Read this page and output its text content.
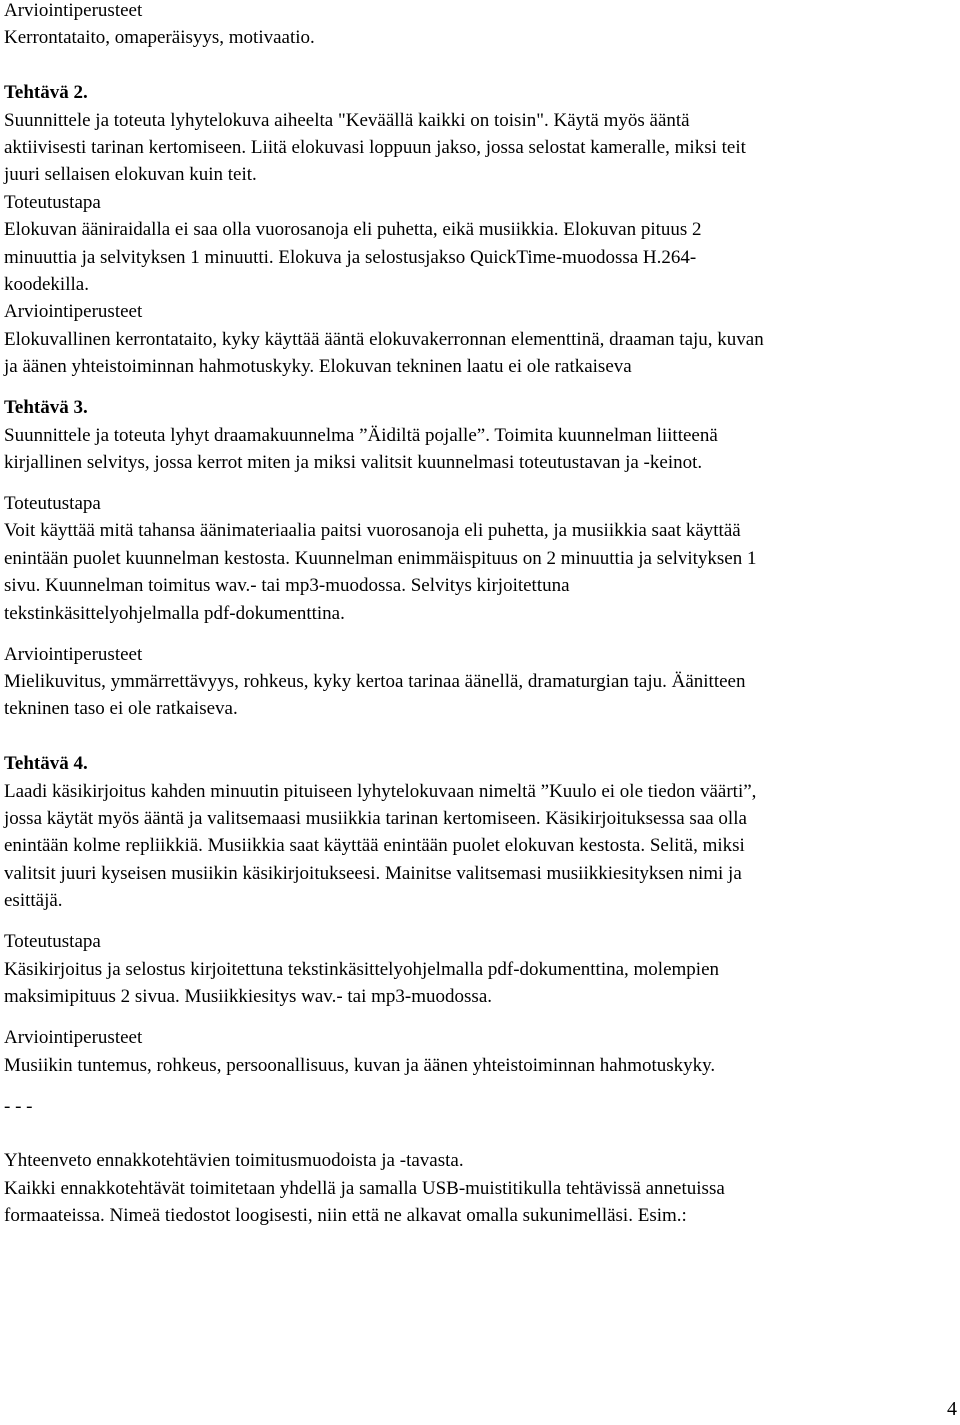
Arviointiperusteet
Kerrontataito, omaperäisyys, motivaatio.
Tehtävä 2.
Suunnittele ja toteuta lyhytelokuva aiheelta "Keväällä kaikki on toisin". Käytä myös ääntä
aktiivisesti tarinan kertomiseen. Liitä elokuvasi loppuun jakso, jossa selostat kameralle, miksi teit
juuri sellaisen elokuvan kuin teit.
Toteutustapa
Elokuvan ääniraidalla ei saa olla vuorosanoja eli puhetta, eikä musiikkia. Elokuvan pituus 2
minuuttia ja selvityksen 1 minuutti. Elokuva ja selostusjakso QuickTime-muodossa H.264-
koodekilla.
Arviointiperusteet
Elokuvallinen kerrontataito, kyky käyttää ääntä elokuvakerronnan elementtinä, draaman taju, kuvan
ja äänen yhteistoiminnan hahmotuskyky. Elokuvan tekninen laatu ei ole ratkaiseva
Tehtävä 3.
Suunnittele ja toteuta lyhyt draamakuunnelma ”Äidiltä pojalle”. Toimita kuunnelman liitteenä
kirjallinen selvitys, jossa kerrot miten ja miksi valitsit kuunnelmasi toteutustavan ja -keinot.
Toteutustapa
Voit käyttää mitä tahansa äänimateriaalia paitsi vuorosanoja eli puhetta, ja musiikkia saat käyttää
enintään puolet kuunnelman kestosta. Kuunnelman enimmäispituus on 2 minuuttia ja selvityksen 1
sivu. Kuunnelman toimitus wav.- tai mp3-muodossa. Selvitys kirjoitettuna
tekstinkäsittelyohjelmalla pdf-dokumenttina.
Arviointiperusteet
Mielikuvitus, ymmärrettävyys, rohkeus, kyky kertoa tarinaa äänellä, dramaturgian taju. Äänitteen
tekninen taso ei ole ratkaiseva.
Tehtävä 4.
Laadi käsikirjoitus kahden minuutin pituiseen lyhytelokuvaan nimeltä ”Kuulo ei ole tiedon väärti”,
jossa käytät myös ääntä ja valitsemaasi musiikkia tarinan kertomiseen. Käsikirjoituksessa saa olla
enintään kolme repliikkiä. Musiikkia saat käyttää enintään puolet elokuvan kestosta. Selitä, miksi
valitsit juuri kyseisen musiikin käsikirjoitukseesi. Mainitse valitsemasi musiikkiesityksen nimi ja
esittäjä.
Toteutustapa
Käsikirjoitus ja selostus kirjoitettuna tekstinkäsittelyohjelmalla pdf-dokumenttina, molempien
maksimipituus 2 sivua. Musiikkiesitys wav.- tai mp3-muodossa.
Arviointiperusteet
Musiikin tuntemus, rohkeus, persoonallisuus, kuvan ja äänen yhteistoiminnan hahmotuskyky.
- - -
Yhteenveto ennakkotehtävien toimitusmuodoista ja -tavasta.
Kaikki ennakkotehtävät toimitetaan yhdellä ja samalla USB-muistitikulla tehtävissä annetuissa
formaateissa. Nimeä tiedostot loogisesti, niin että ne alkavat omalla sukunimelläsi. Esim.:
4
